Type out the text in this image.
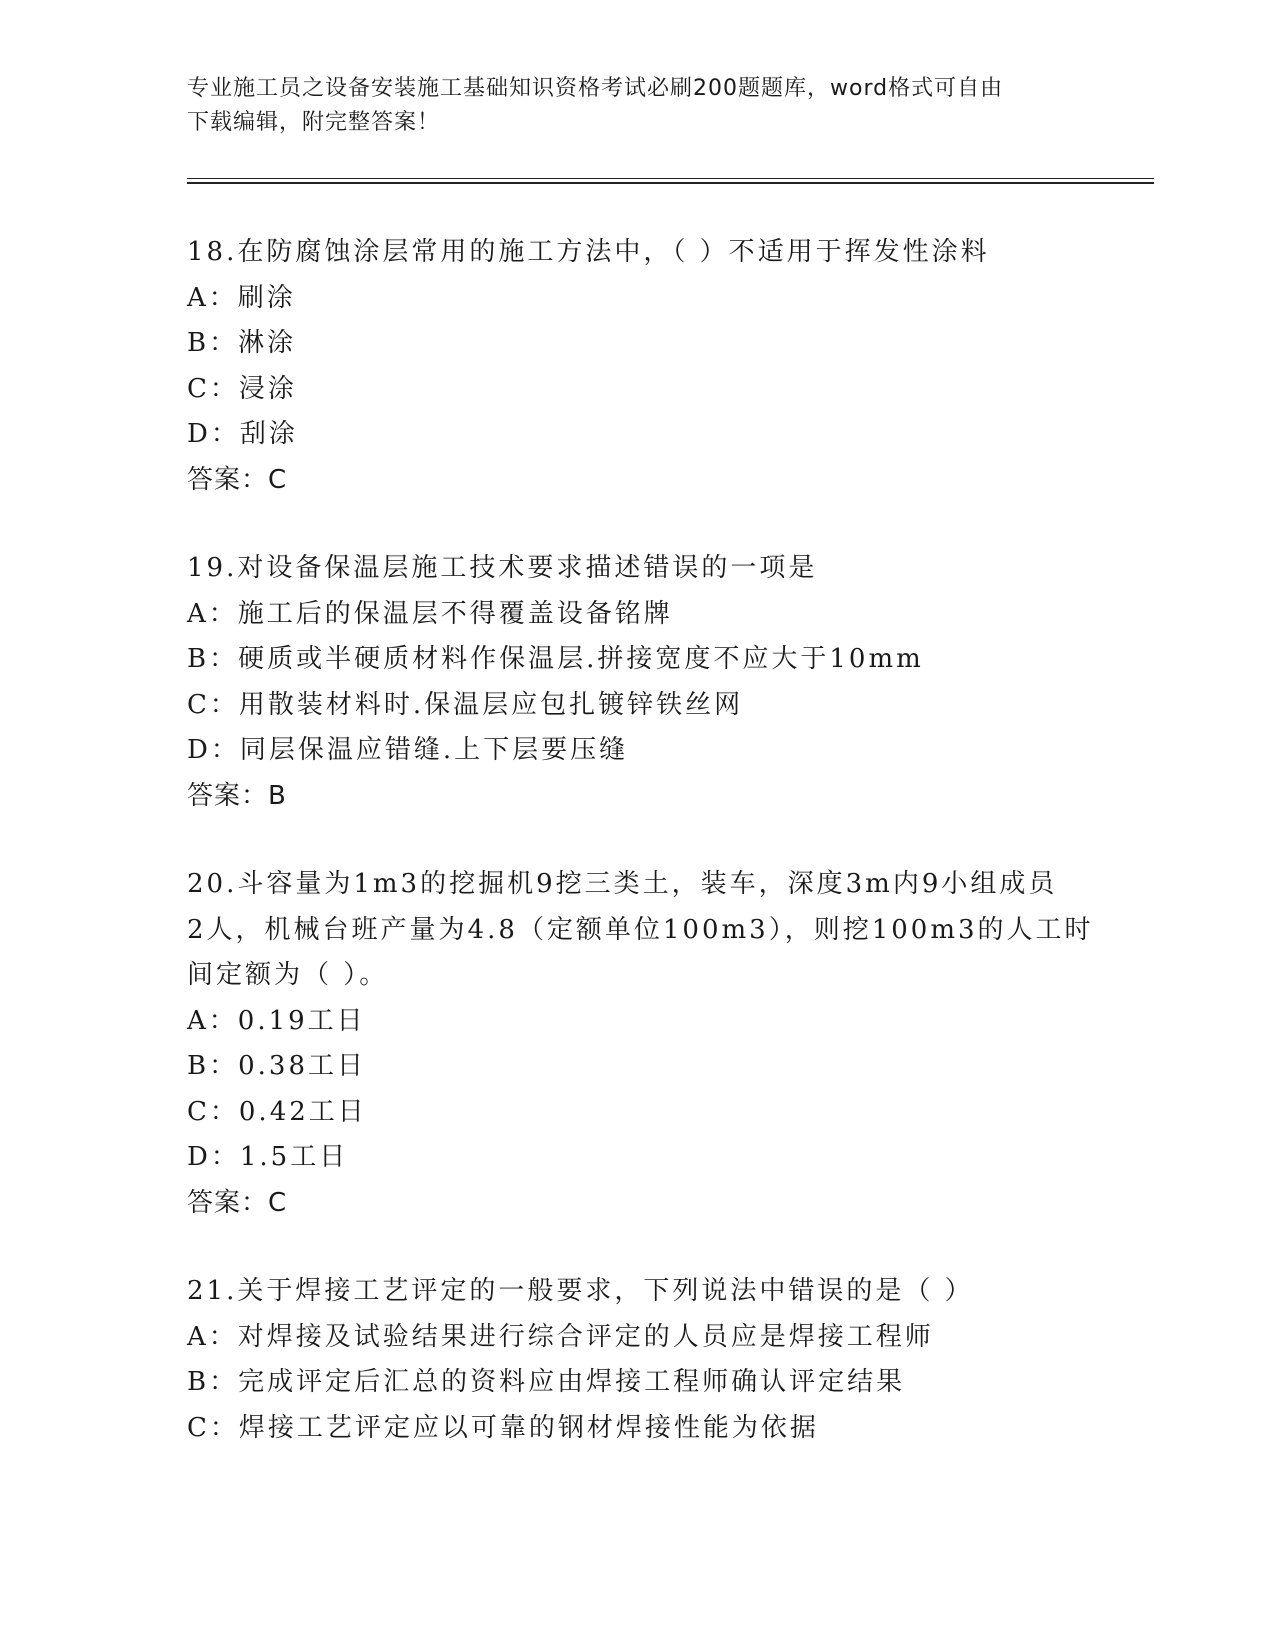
专业施工员之设备安装施工基础知识资格考试必刷200题题库，word格式可自由
下载编辑，附完整答案！
18.在防腐蚀涂层常用的施工方法中，（ ）不适用于挥发性涂料
A：刷涂
B：淋涂
C：浸涂
D：刮涂
答案：C
19.对设备保温层施工技术要求描述错误的一项是
A：施工后的保温层不得覆盖设备铭牌
B：硬质或半硬质材料作保温层.拼接宽度不应大于10mm
C：用散装材料时.保温层应包扎镀锌铁丝网
D：同层保温应错缝.上下层要压缝
答案：B
20.斗容量为1m3的挖掘机9挖三类土，装车，深度3m内9小组成员
2人，机械台班产量为4.8（定额单位100m3），则挖100m3的人工时
间定额为（ ）。
A：0.19工日
B：0.38工日
C：0.42工日
D：1.5工日
答案：C
21.关于焊接工艺评定的一般要求，下列说法中错误的是（ ）
A：对焊接及试验结果进行综合评定的人员应是焊接工程师
B：完成评定后汇总的资料应由焊接工程师确认评定结果
C：焊接工艺评定应以可靠的钢材焊接性能为依据
